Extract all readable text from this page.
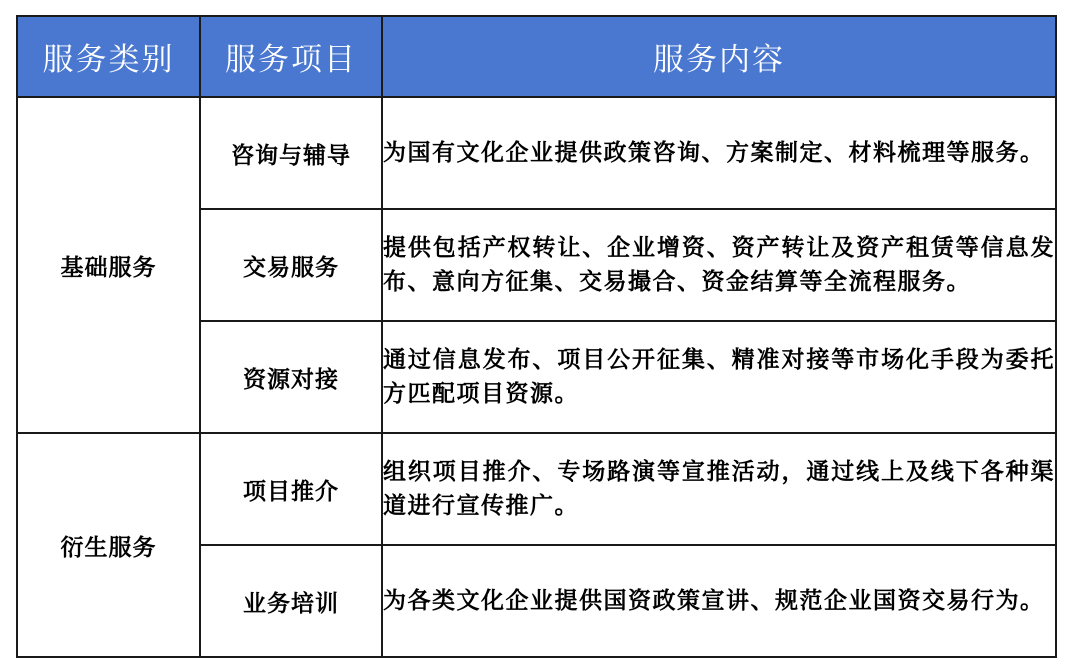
服务类别	服务项目	服务内容
基础服务	咨询与辅导	为国有文化企业提供政策咨询、方案制定、材料梳理等服务。
	交易服务	提供包括产权转让、企业增资、资产转让及资产租赁等信息发布、意向方征集、交易撮合、资金结算等全流程服务。
	资源对接	通过信息发布、项目公开征集、精准对接等市场化手段为委托方匹配项目资源。
衍生服务	项目推介	组织项目推介、专场路演等宣推活动，通过线上及线下各种渠道进行宣传推广。
	业务培训	为各类文化企业提供国资政策宣讲、规范企业国资交易行为。
